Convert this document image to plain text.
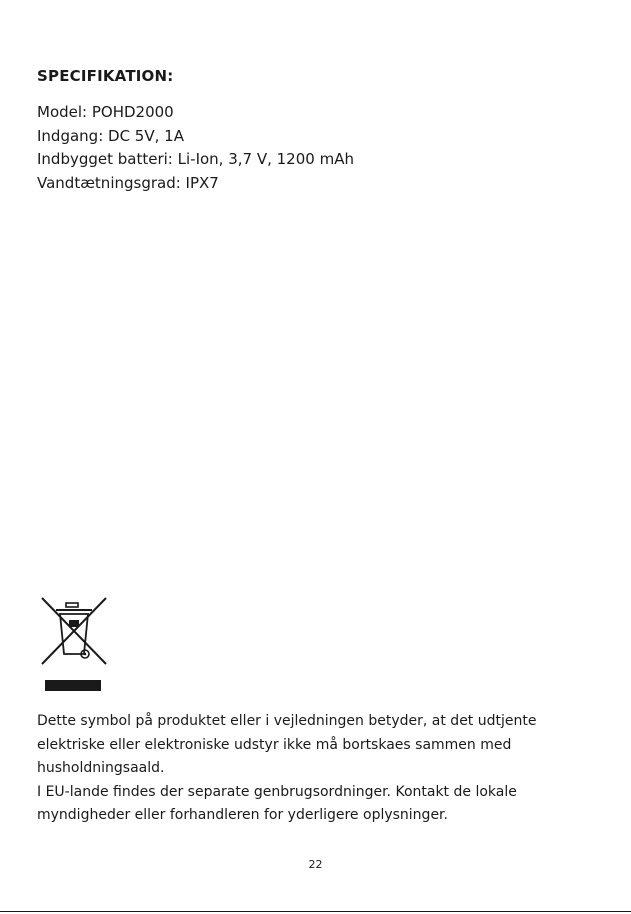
SPECIFIKATION:
Model: POHD2000
Indgang: DC 5V, 1A
Indbygget batteri: Li-Ion, 3,7 V, 1200 mAh
Vandtætningsgrad: IPX7

Dette symbol på produktet eller i vejledningen betyder, at det udtjente

elektriske eller elektroniske udstyr ikke må bortskaes sammen med

husholdningsaald.

I EU-lande findes der separate genbrugsordninger. Kontakt de lokale

myndigheder eller forhandleren for yderligere oplysninger.

22
